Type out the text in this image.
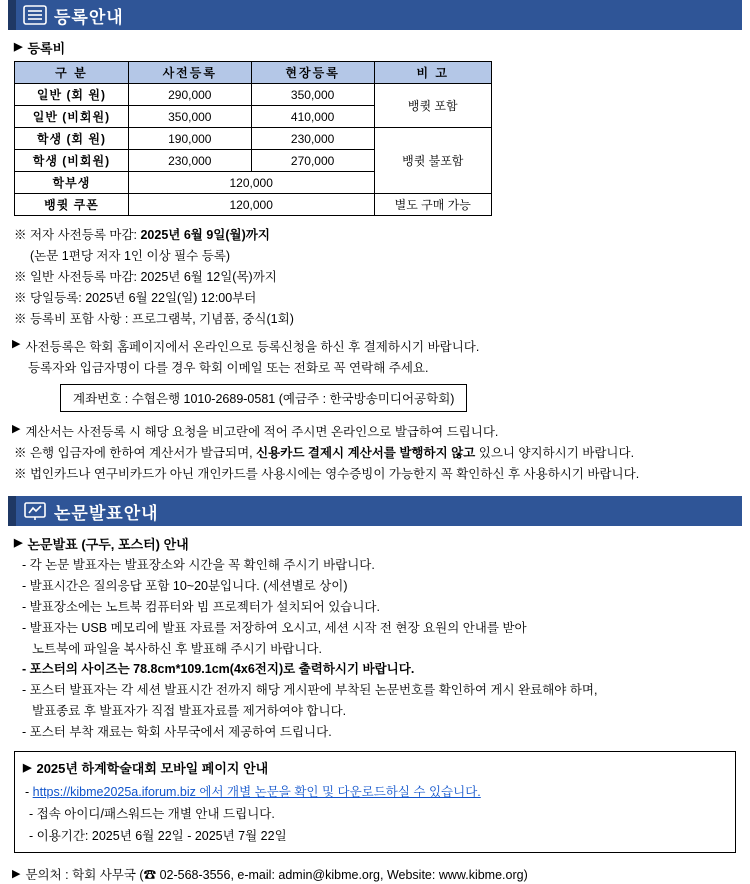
등록안내
▶ 등록비
구 분	사전등록	현장등록	비 고
일반 (회 원)	290,000	350,000	뱅큇 포함
일반 (비회원)	350,000	410,000	
학생 (회 원)	190,000	230,000	뱅큇 불포함
학생 (비회원)	230,000	270,000	
학부생	120,000		
뱅큇 쿠폰	120,000		별도 구매 가능
※ 저자 사전등록 마감: 2025년 6월 9일(월)까지
(논문 1편당 저자 1인 이상 필수 등록)
※ 일반 사전등록 마감: 2025년 6월 12일(목)까지
※ 당일등록: 2025년 6월 22일(일) 12:00부터
※ 등록비 포함 사항 : 프로그램북, 기념품, 중식(1회)
▶ 사전등록은 학회 홈페이지에서 온라인으로 등록신청을 하신 후 결제하시기 바랍니다.
등록자와 입금자명이 다를 경우 학회 이메일 또는 전화로 꼭 연락해 주세요.
계좌번호 : 수협은행 1010-2689-0581 (예금주 : 한국방송미디어공학회)
▶ 계산서는 사전등록 시 해당 요청을 비고란에 적어 주시면 온라인으로 발급하여 드립니다.
※ 은행 입금자에 한하여 계산서가 발급되며, 신용카드 결제시 계산서를 발행하지 않고 있으니 양지하시기 바랍니다.
※ 법인카드나 연구비카드가 아닌 개인카드를 사용시에는 영수증빙이 가능한지 꼭 확인하신 후 사용하시기 바랍니다.
논문발표안내
▶ 논문발표 (구두, 포스터) 안내
- 각 논문 발표자는 발표장소와 시간을 꼭 확인해 주시기 바랍니다.
- 발표시간은 질의응답 포함 10~20분입니다. (세션별로 상이)
- 발표장소에는 노트북 컴퓨터와 빔 프로젝터가 설치되어 있습니다.
- 발표자는 USB 메모리에 발표 자료를 저장하여 오시고, 세션 시작 전 현장 요원의 안내를 받아
노트북에 파일을 복사하신 후 발표해 주시기 바랍니다.
- 포스터의 사이즈는 78.8cm*109.1cm(4x6전지)로 출력하시기 바랍니다.
- 포스터 발표자는 각 세션 발표시간 전까지 해당 게시판에 부착된 논문번호를 확인하여 게시 완료해야 하며,
발표종료 후 발표자가 직접 발표자료를 제거하여야 합니다.
- 포스터 부착 재료는 학회 사무국에서 제공하여 드립니다.
▶ 2025년 하계학술대회 모바일 페이지 안내
- https://kibme2025a.iforum.biz 에서 개별 논문을 확인 및 다운로드하실 수 있습니다.
- 접속 아이디/패스워드는 개별 안내 드립니다.
- 이용기간: 2025년 6월 22일 - 2025년 7월 22일
▶ 문의처 : 학회 사무국 (☎ 02-568-3556, e-mail: admin@kibme.org, Website: www.kibme.org)
